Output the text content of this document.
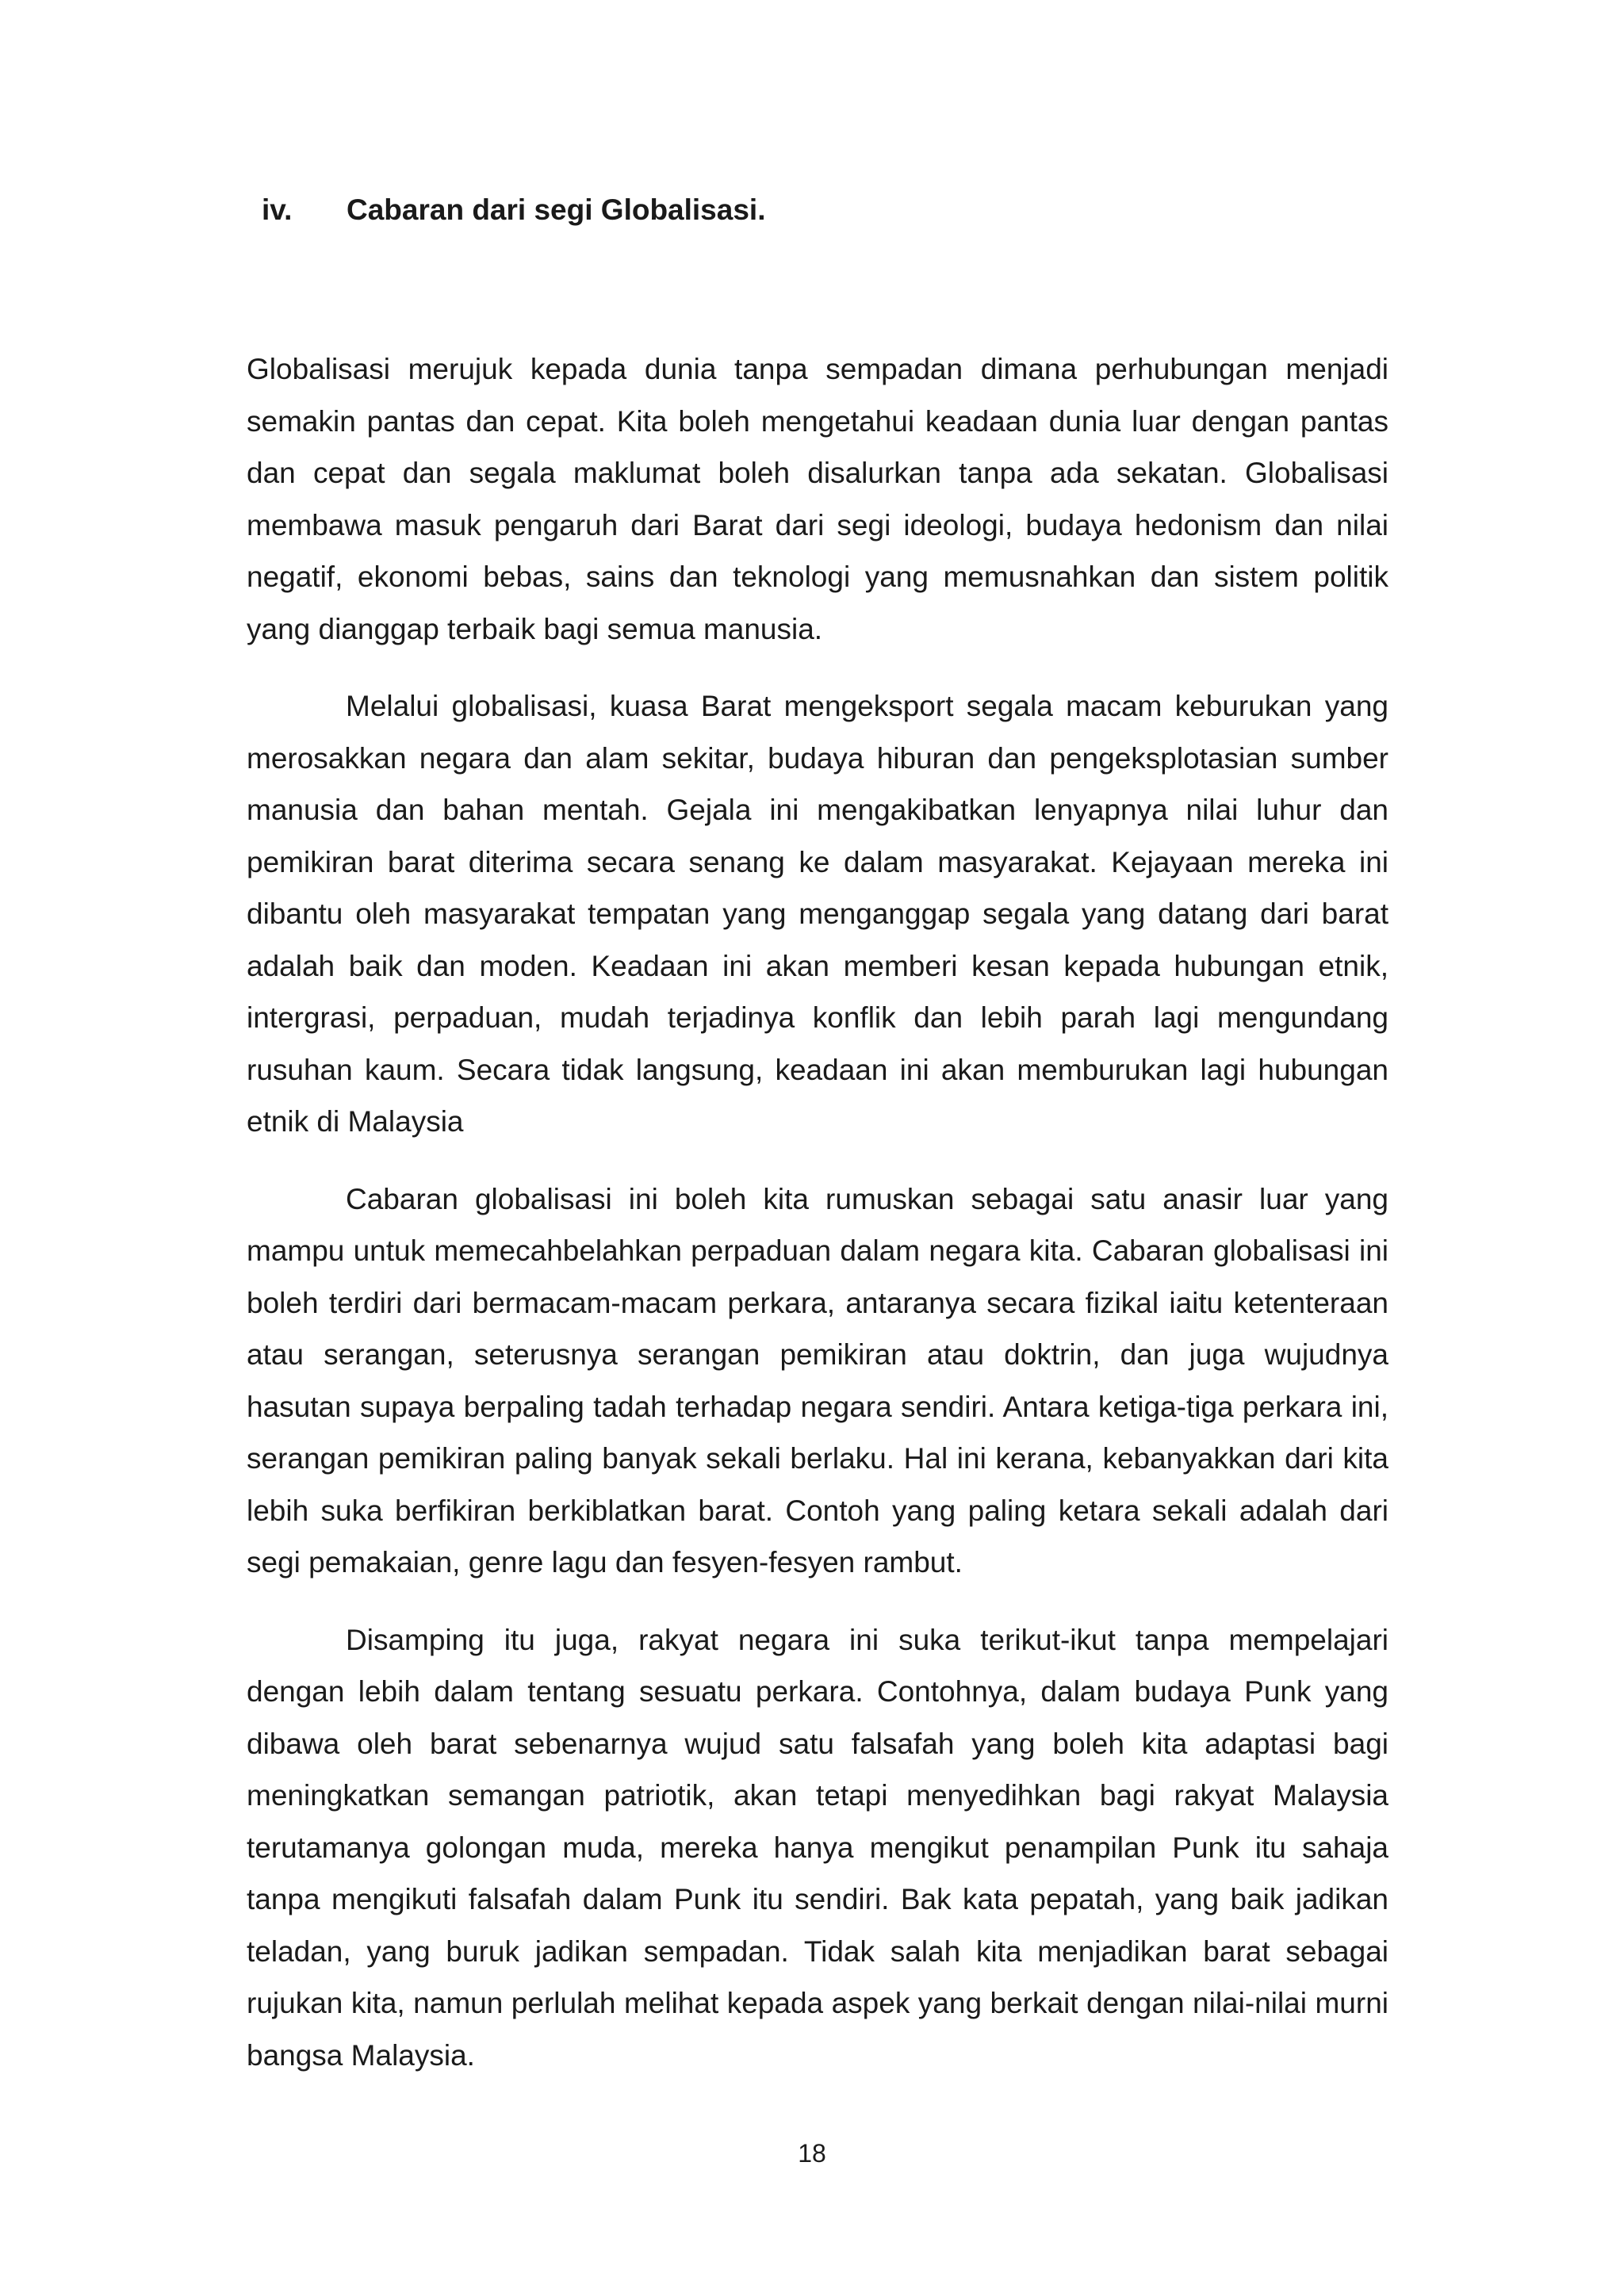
iv.	Cabaran dari segi Globalisasi.

Globalisasi merujuk kepada dunia tanpa sempadan dimana perhubungan menjadi semakin pantas dan cepat. Kita boleh mengetahui keadaan dunia luar dengan pantas dan cepat dan segala maklumat boleh disalurkan tanpa ada sekatan. Globalisasi membawa masuk pengaruh dari Barat dari segi ideologi, budaya hedonism dan nilai negatif, ekonomi bebas, sains dan teknologi yang memusnahkan dan sistem politik yang dianggap terbaik bagi semua manusia.

Melalui globalisasi, kuasa Barat mengeksport segala macam keburukan yang merosakkan negara dan alam sekitar, budaya hiburan dan pengeksplotasian sumber manusia dan bahan mentah. Gejala ini mengakibatkan lenyapnya nilai luhur dan pemikiran barat diterima secara senang ke dalam masyarakat. Kejayaan mereka ini dibantu oleh masyarakat tempatan yang menganggap segala yang datang dari barat adalah baik dan moden. Keadaan ini akan memberi kesan kepada hubungan etnik, intergrasi, perpaduan, mudah terjadinya konflik dan lebih parah lagi mengundang rusuhan kaum. Secara tidak langsung, keadaan ini akan memburukan lagi hubungan etnik di Malaysia

Cabaran globalisasi ini boleh kita rumuskan sebagai satu anasir luar yang mampu untuk memecahbelahkan perpaduan dalam negara kita. Cabaran globalisasi ini boleh terdiri dari bermacam-macam perkara, antaranya secara fizikal iaitu ketenteraan atau serangan, seterusnya serangan pemikiran atau doktrin, dan juga wujudnya hasutan supaya berpaling tadah terhadap negara sendiri. Antara ketiga-tiga perkara ini, serangan pemikiran paling banyak sekali berlaku. Hal ini kerana, kebanyakkan dari kita lebih suka berfikiran berkiblatkan barat. Contoh yang paling ketara sekali adalah dari segi pemakaian, genre lagu dan fesyen-fesyen rambut.

Disamping itu juga, rakyat negara ini suka terikut-ikut tanpa mempelajari dengan lebih dalam tentang sesuatu perkara. Contohnya, dalam budaya Punk yang dibawa oleh barat sebenarnya wujud satu falsafah yang boleh kita adaptasi bagi meningkatkan semangan patriotik, akan tetapi menyedihkan bagi rakyat Malaysia terutamanya golongan muda, mereka hanya mengikut penampilan Punk itu sahaja tanpa mengikuti falsafah dalam Punk itu sendiri. Bak kata pepatah, yang baik jadikan teladan, yang buruk jadikan sempadan. Tidak salah kita menjadikan barat sebagai rujukan kita, namun perlulah melihat kepada aspek yang berkait dengan nilai-nilai murni bangsa Malaysia.

18
